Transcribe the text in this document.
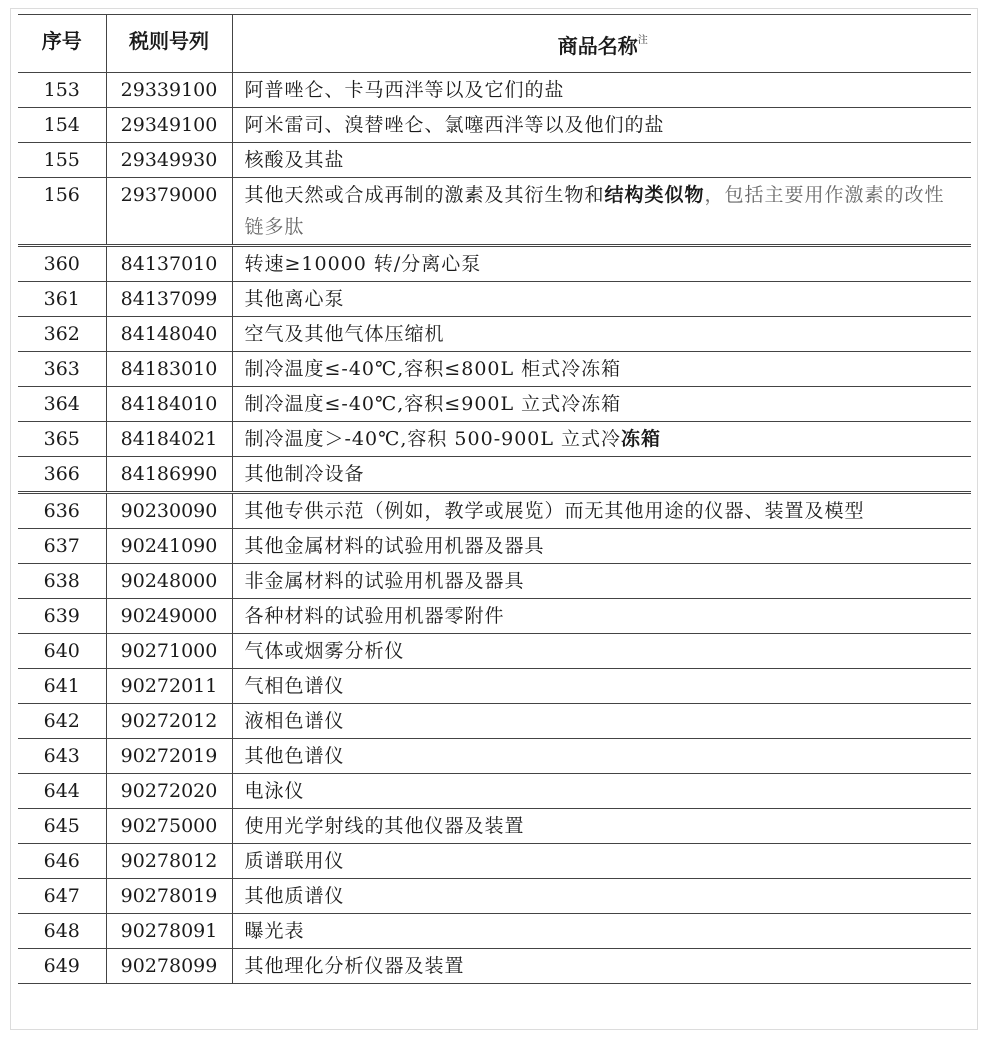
序号	税则号列	商品名称$^注$
153	29339100	阿普唑仑、卡马西泮等以及它们的盐
154	29349100	阿米雷司、溴替唑仑、氯噻西泮等以及他们的盐
155	29349930	核酸及其盐
156	29379000	其他天然或合成再制的激素及其衍生物和结构类似物，包括主要用作激素的改性链多肽
360	84137010	转速≥10000 转/分离心泵
361	84137099	其他离心泵
362	84148040	空气及其他气体压缩机
363	84183010	制冷温度≤-40℃,容积≤800L 柜式冷冻箱
364	84184010	制冷温度≤-40℃,容积≤900L 立式冷冻箱
365	84184021	制冷温度＞-40℃,容积 500-900L 立式冷冻箱
366	84186990	其他制冷设备
636	90230090	其他专供示范（例如，教学或展览）而无其他用途的仪器、装置及模型
637	90241090	其他金属材料的试验用机器及器具
638	90248000	非金属材料的试验用机器及器具
639	90249000	各种材料的试验用机器零附件
640	90271000	气体或烟雾分析仪
641	90272011	气相色谱仪
642	90272012	液相色谱仪
643	90272019	其他色谱仪
644	90272020	电泳仪
645	90275000	使用光学射线的其他仪器及装置
646	90278012	质谱联用仪
647	90278019	其他质谱仪
648	90278091	曝光表
649	90278099	其他理化分析仪器及装置
